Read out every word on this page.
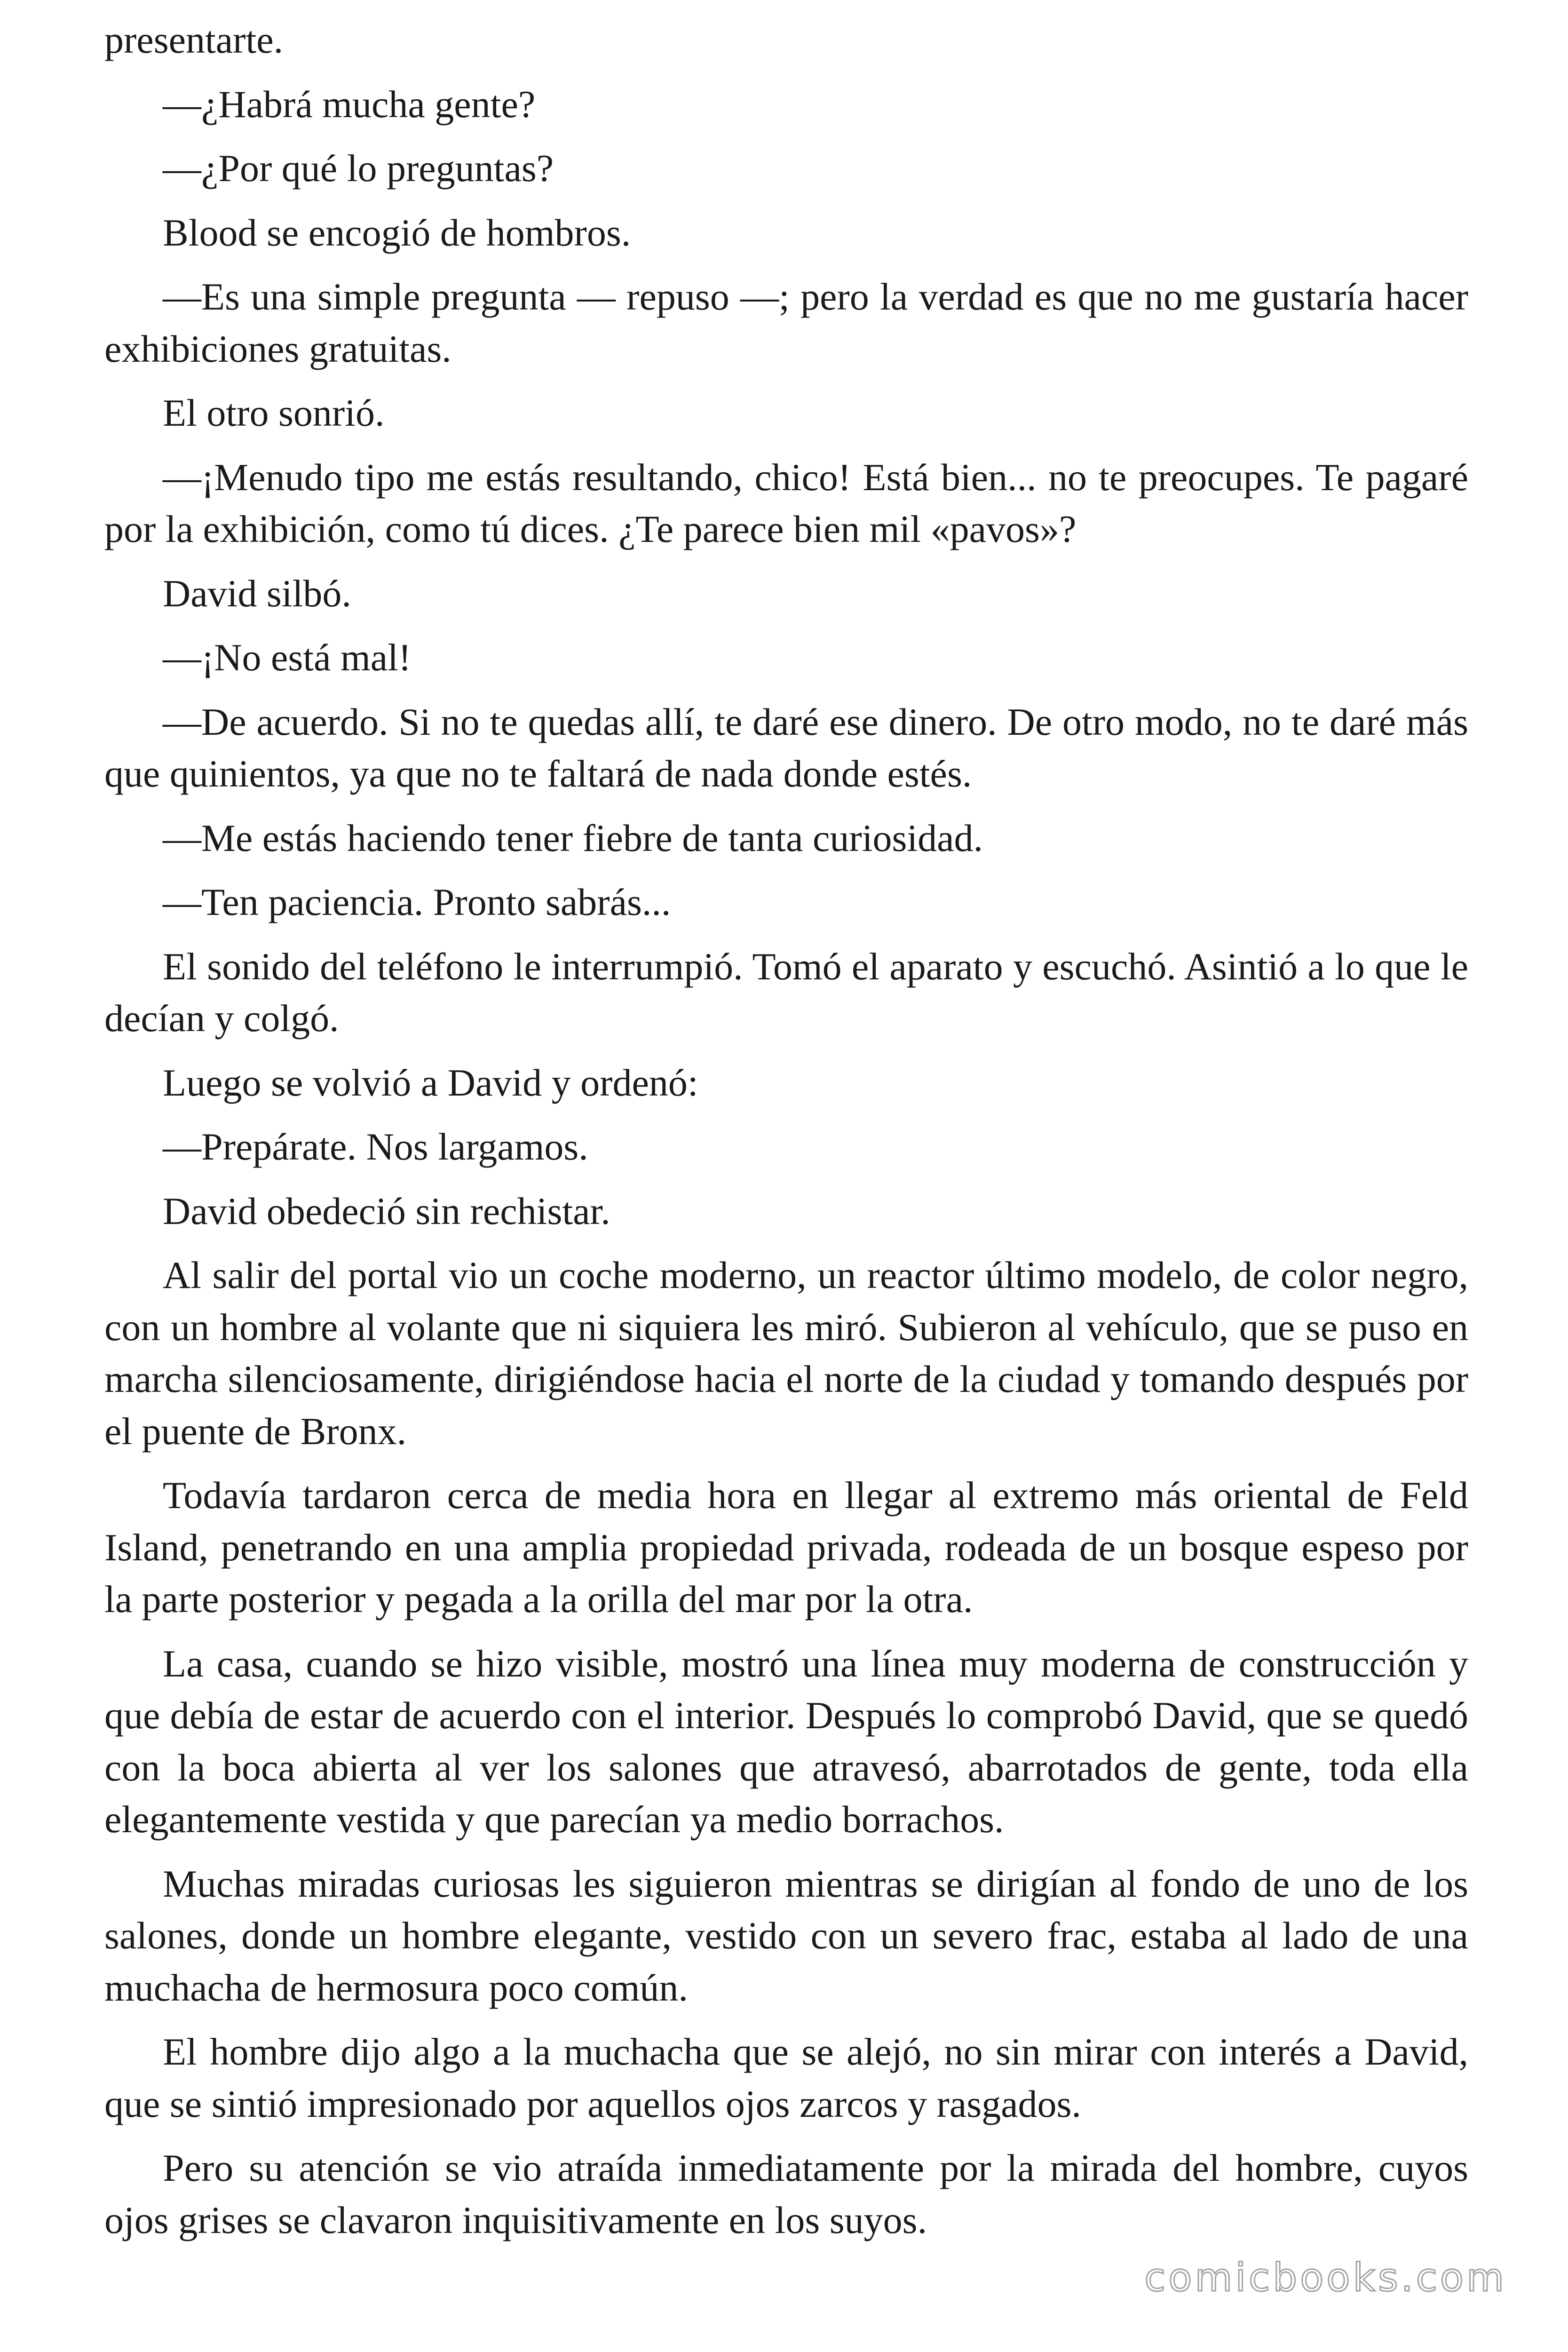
presentarte.

—¿Habrá mucha gente?

—¿Por qué lo preguntas?

Blood se encogió de hombros.

—Es una simple pregunta — repuso —; pero la verdad es que no me gustaría hacer exhibiciones gratuitas.

El otro sonrió.

—¡Menudo tipo me estás resultando, chico! Está bien... no te preocupes. Te pagaré por la exhibición, como tú dices. ¿Te parece bien mil «pavos»?

David silbó.

—¡No está mal!

—De acuerdo. Si no te quedas allí, te daré ese dinero. De otro modo, no te daré más que quinientos, ya que no te faltará de nada donde estés.

—Me estás haciendo tener fiebre de tanta curiosidad.

—Ten paciencia. Pronto sabrás...

El sonido del teléfono le interrumpió. Tomó el aparato y escuchó. Asintió a lo que le decían y colgó.

Luego se volvió a David y ordenó:

—Prepárate. Nos largamos.

David obedeció sin rechistar.

Al salir del portal vio un coche moderno, un reactor último modelo, de color negro, con un hombre al volante que ni siquiera les miró. Subieron al vehículo, que se puso en marcha silenciosamente, dirigiéndose hacia el norte de la ciudad y tomando después por el puente de Bronx.

Todavía tardaron cerca de media hora en llegar al extremo más oriental de Feld Island, penetrando en una amplia propiedad privada, rodeada de un bosque espeso por la parte posterior y pegada a la orilla del mar por la otra.

La casa, cuando se hizo visible, mostró una línea muy moderna de construcción y que debía de estar de acuerdo con el interior. Después lo comprobó David, que se quedó con la boca abierta al ver los salones que atravesó, abarrotados de gente, toda ella elegantemente vestida y que parecían ya medio borrachos.

Muchas miradas curiosas les siguieron mientras se dirigían al fondo de uno de los salones, donde un hombre elegante, vestido con un severo frac, estaba al lado de una muchacha de hermosura poco común.

El hombre dijo algo a la muchacha que se alejó, no sin mirar con interés a David, que se sintió impresionado por aquellos ojos zarcos y rasgados.

Pero su atención se vio atraída inmediatamente por la mirada del hombre, cuyos ojos grises se clavaron inquisitivamente en los suyos.

comicbooks.com
